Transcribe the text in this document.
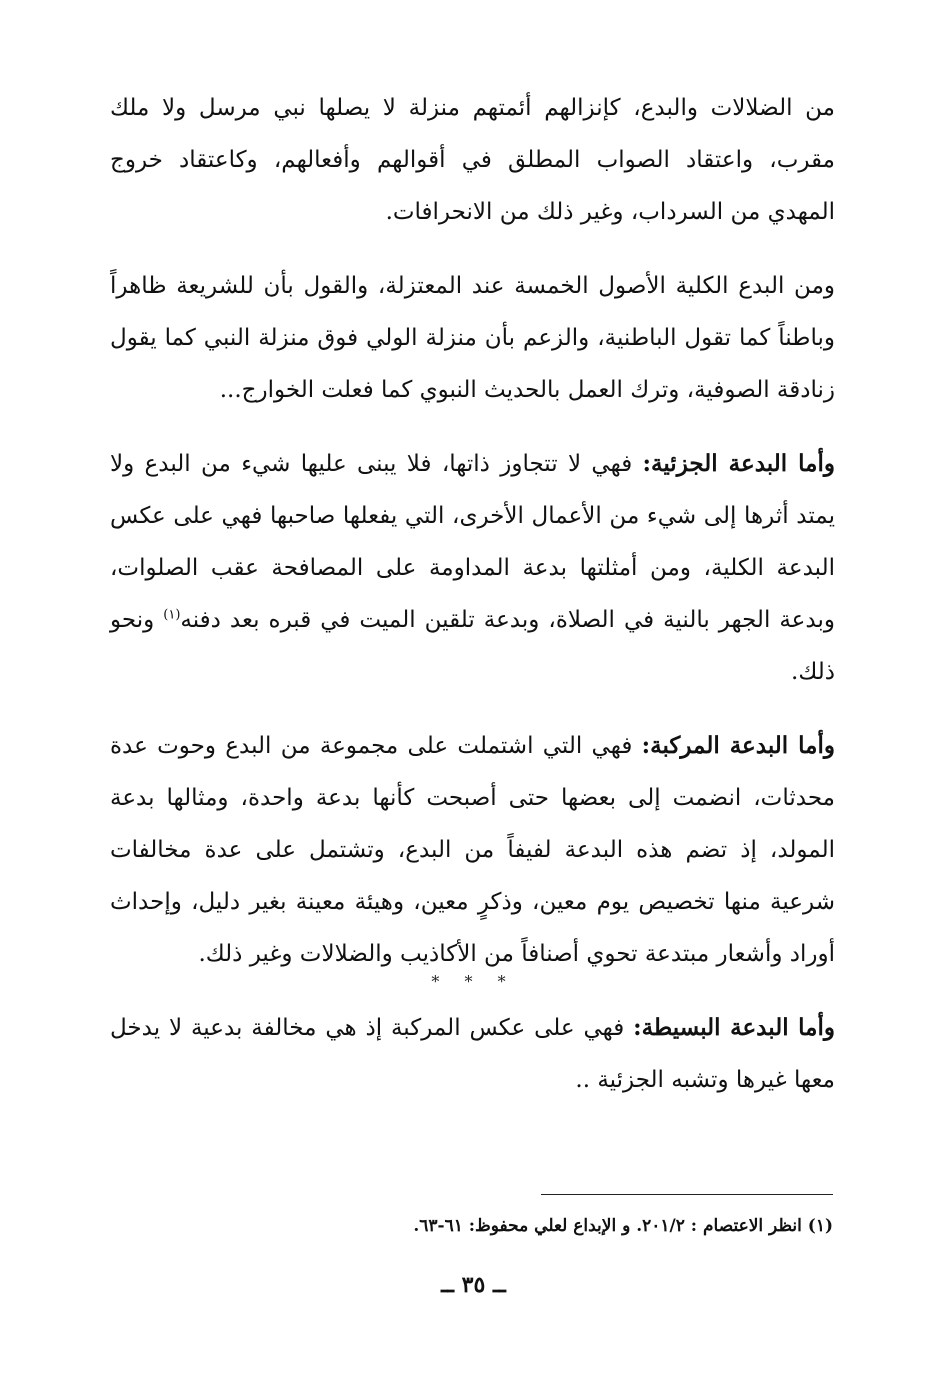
من الضلالات والبدع، كإنزالهم أئمتهم منزلة لا يصلها نبي مرسل ولا ملك مقرب، واعتقاد الصواب المطلق في أقوالهم وأفعالهم، وكاعتقاد خروج المهدي من السرداب، وغير ذلك من الانحرافات.

ومن البدع الكلية الأصول الخمسة عند المعتزلة، والقول بأن للشريعة ظاهراً وباطناً كما تقول الباطنية، والزعم بأن منزلة الولي فوق منزلة النبي كما يقول زنادقة الصوفية، وترك العمل بالحديث النبوي كما فعلت الخوارج...

وأما البدعة الجزئية: فهي لا تتجاوز ذاتها، فلا يبنى عليها شيء من البدع ولا يمتد أثرها إلى شيء من الأعمال الأخرى، التي يفعلها صاحبها فهي على عكس البدعة الكلية، ومن أمثلتها بدعة المداومة على المصافحة عقب الصلوات، وبدعة الجهر بالنية في الصلاة، وبدعة تلقين الميت في قبره بعد دفنه$^{(١)}$ ونحو ذلك.

وأما البدعة المركبة: فهي التي اشتملت على مجموعة من البدع وحوت عدة محدثات، انضمت إلى بعضها حتى أصبحت كأنها بدعة واحدة، ومثالها بدعة المولد، إذ تضم هذه البدعة لفيفاً من البدع، وتشتمل على عدة مخالفات شرعية منها تخصيص يوم معين، وذكرٍ معين، وهيئة معينة بغير دليل، وإحداث أوراد وأشعار مبتدعة تحوي أصنافاً من الأكاذيب والضلالات وغير ذلك.

وأما البدعة البسيطة: فهي على عكس المركبة إذ هي مخالفة بدعية لا يدخل معها غيرها وتشبه الجزئية ..

* * *
(١) انظر الاعتصام : ٢٠١/٢. و الإبداع لعلي محفوظ: ٦١-٦٣.
ــ ٣٥ ــ
